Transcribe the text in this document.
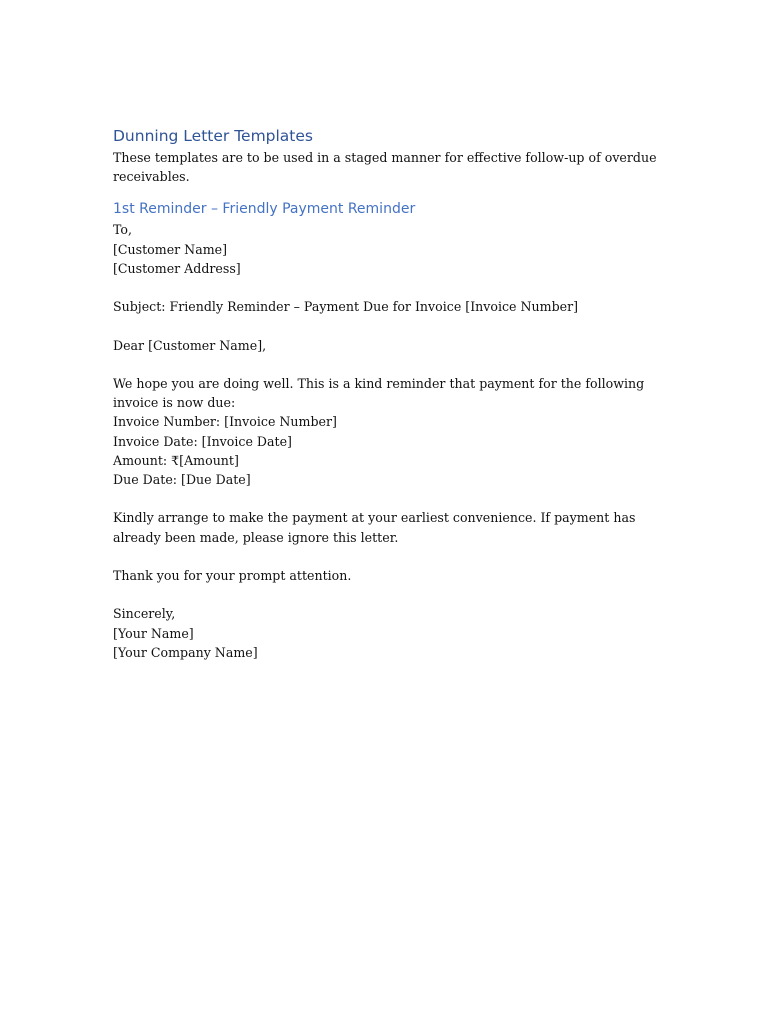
Dunning Letter Templates

These templates are to be used in a staged manner for effective follow-up of overdue receivables.

1st Reminder – Friendly Payment Reminder
To,
[Customer Name]
[Customer Address]

Subject: Friendly Reminder – Payment Due for Invoice [Invoice Number]

Dear [Customer Name],

We hope you are doing well. This is a kind reminder that payment for the following invoice is now due:

Invoice Number: [Invoice Number]
Invoice Date: [Invoice Date]
Amount: ₹[Amount]
Due Date: [Due Date]

Kindly arrange to make the payment at your earliest convenience. If payment has already been made, please ignore this letter.

Thank you for your prompt attention.

Sincerely,
[Your Name]
[Your Company Name]
